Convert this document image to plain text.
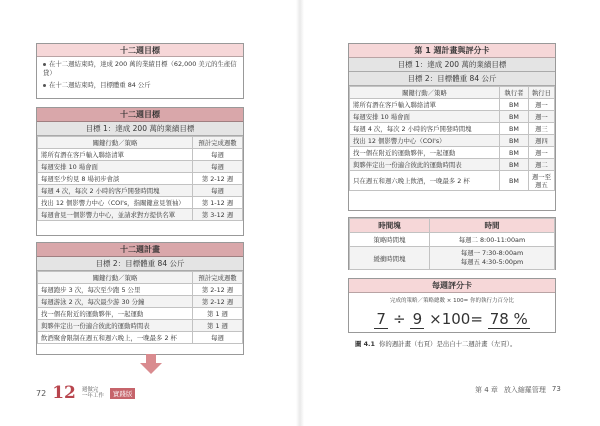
十二週目標
在十二週結束時，達成 200 萬的業績目標（62,000 美元的生產信貸）
在十二週結束時，目標體重 84 公斤
十二週目標
目標 1：達成 200 萬的業績目標
關鍵行動／策略	預計完成週數
將所有潛在客戶輸入聯絡清單	每週
每週安排 10 場會面	每週
每週至少約見 8 場初步會談	第 2-12 週
每週 4 次，每次 2 小時的客戶開發時間塊	每週
找出 12 個影響力中心（COI's，指關鍵意見領袖）	第 1-12 週
每週會見一個影響力中心，並請求對方提供名單	第 3-12 週
十二週計畫
目標 2：目標體重 84 公斤
關鍵行動／策略	預計完成週數
每週跑步 3 次，每次至少跑 5 公里	第 2-12 週
每週游泳 2 次，每次最少游 30 分鐘	第 2-12 週
找一個在附近的運動夥伴，一起運動	第 1 週
與夥伴定出一份適合彼此的運動時間表	第 1 週
飲酒聚會限制在週五和週六晚上，一晚最多 2 杯	每週
72 12 週做完
一年工作	實踐版
第 1 週計畫與評分卡
目標 1：達成 200 萬的業績目標
目標 2：目標體重 84 公斤
關鍵行動／策略	執行者	執行日
將所有潛在客戶輸入聯絡清單	BM	週一
每週安排 10 場會面	BM	週一
每週 4 次，每次 2 小時的客戶開發時間塊	BM	週三
找出 12 個影響力中心（COI's）	BM	週四
找一個在附近的運動夥伴，一起運動	BM	週一
與夥伴定出一份適合彼此的運動時間表	BM	週二
只在週五和週六晚上飲酒，一晚最多 2 杯	BM	週一至週五
時間塊	時間
策略時間塊	每週二 8:00-11:00am
緩衝時間塊	每週一 7:30-8:00am
每週五 4:30-5:00pm
每週評分卡
完成的策略／策略總數 × 100= 你的執行力百分比
7 ÷ 9 ×100= 78 %
圖 4.1 你的週計畫（右頁）是出自十二週計畫（左頁）。
第 4 章 放入縮羅管理 73
